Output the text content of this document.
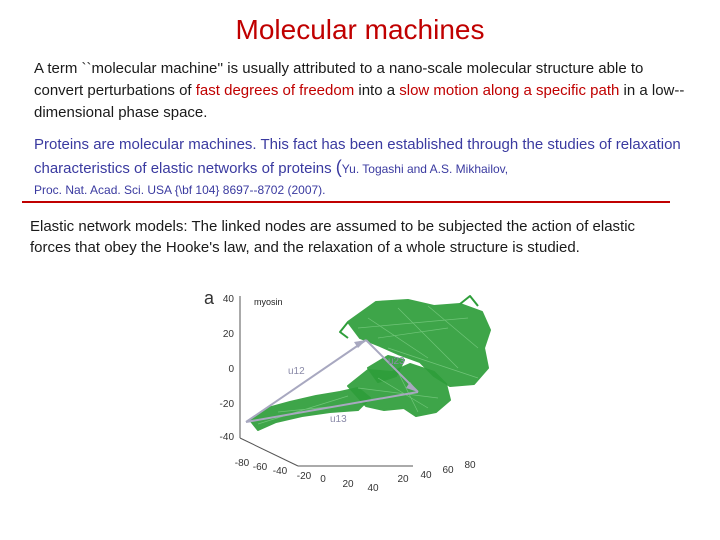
Molecular machines
A term ``molecular machine'' is usually attributed to a nano-scale molecular structure able to convert perturbations of fast degrees of freedom into a slow motion along a specific path in a low--dimensional phase space.
Proteins are molecular machines. This fact has been established through the studies of relaxation characteristics of elastic networks of proteins (Yu. Togashi and A.S. Mikhailov,
Proc. Nat. Acad. Sci. USA {\bf 104} 8697--8702 (2007).
Elastic network models: The linked nodes are assumed to be subjected the action of elastic forces that obey the Hooke's law, and the relaxation of a whole structure is studied.
40
20
0
-20
-40
-80 -60 -40 -20 0 20 40
20 40 60 80
u12
u13
u23
a	myosin
